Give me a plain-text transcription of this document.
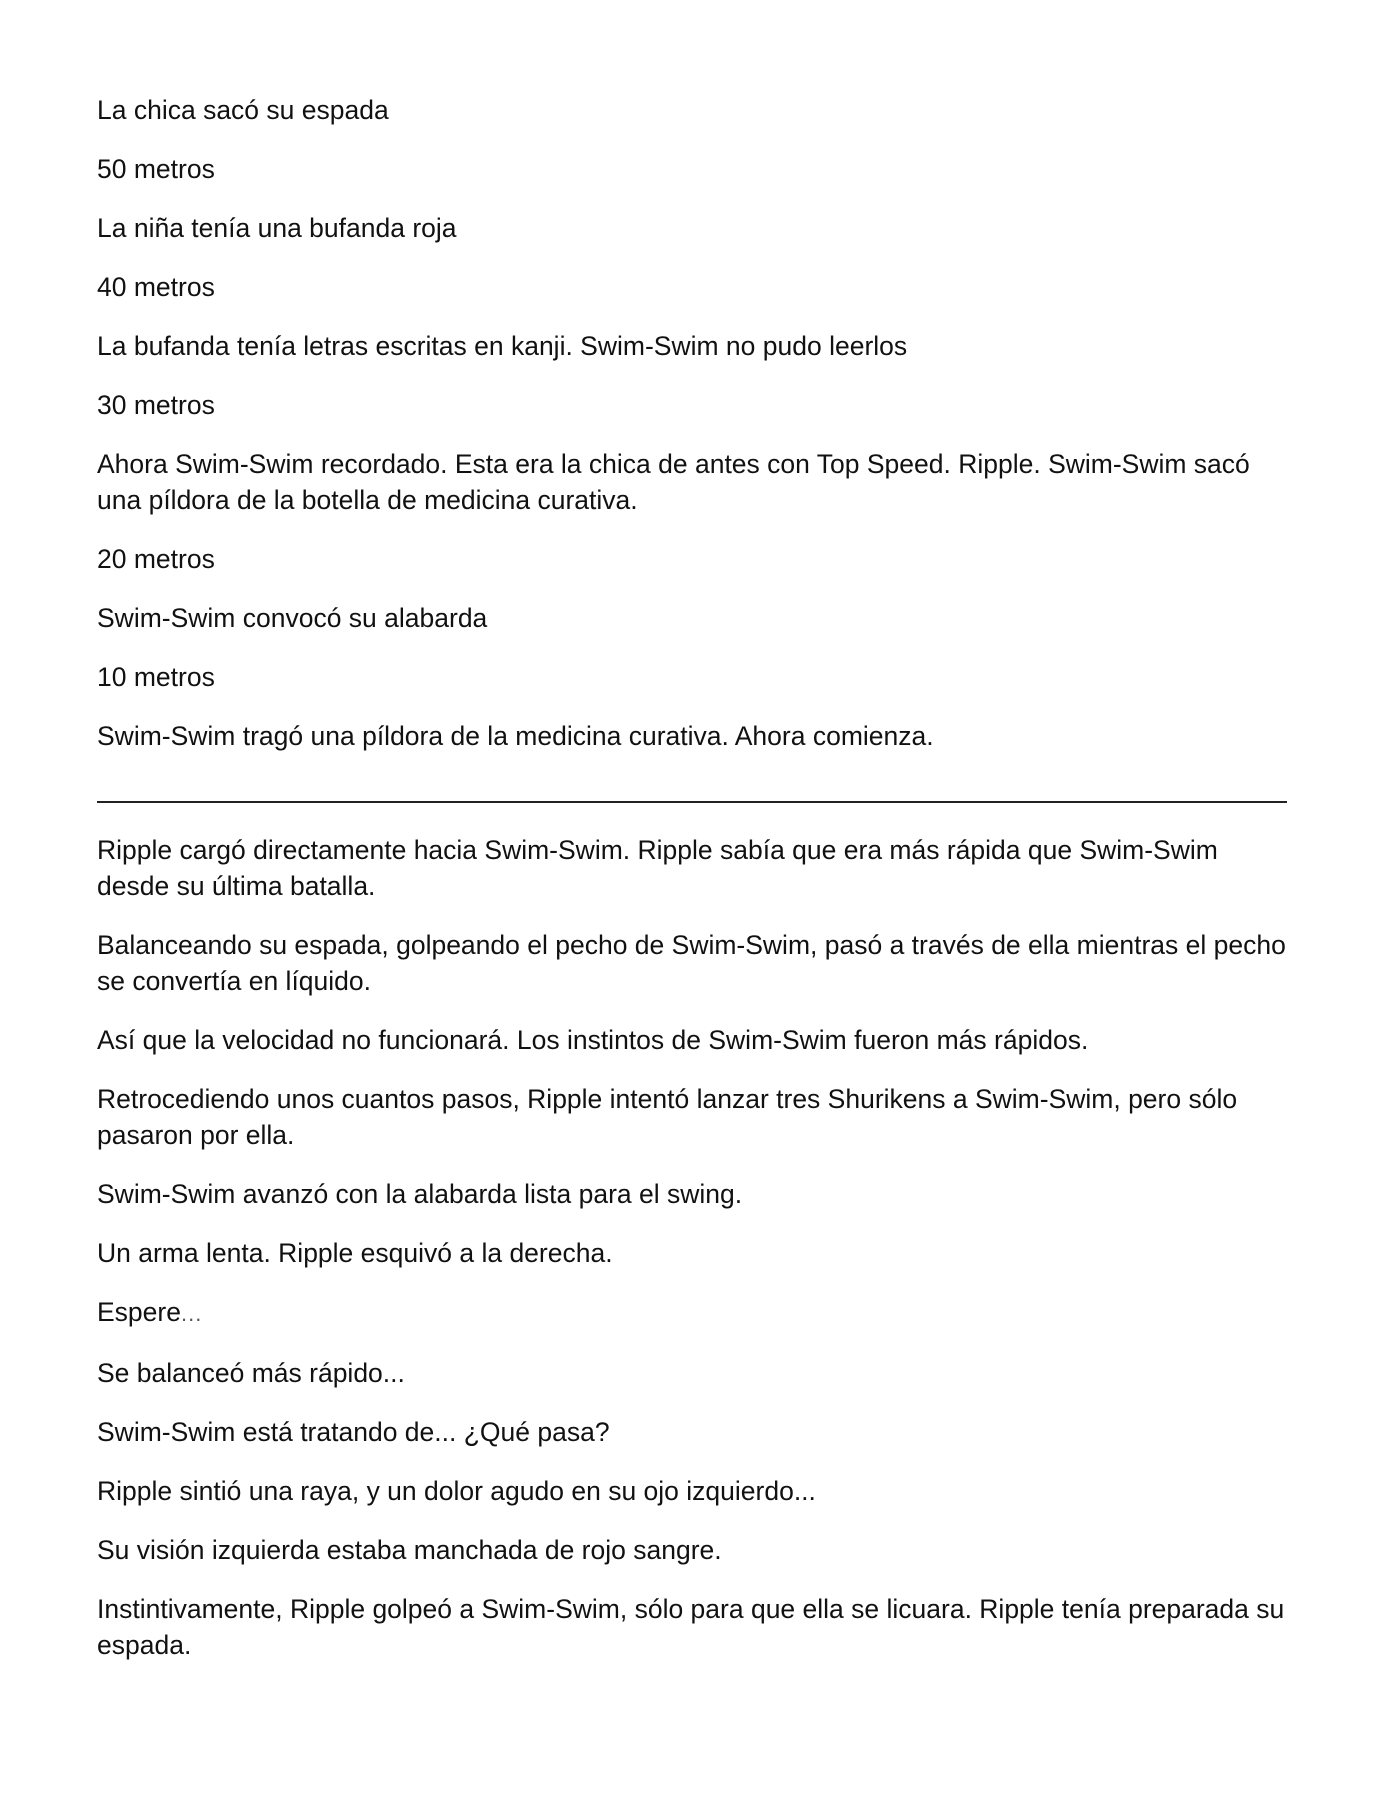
La chica sacó su espada

50 metros

La niña tenía una bufanda roja

40 metros

La bufanda tenía letras escritas en kanji. Swim-Swim no pudo leerlos

30 metros

Ahora Swim-Swim recordado. Esta era la chica de antes con Top Speed. Ripple. Swim-Swim sacó una píldora de la botella de medicina curativa.

20 metros

Swim-Swim convocó su alabarda

10 metros

Swim-Swim tragó una píldora de la medicina curativa. Ahora comienza.

Ripple cargó directamente hacia Swim-Swim. Ripple sabía que era más rápida que Swim-Swim desde su última batalla.

Balanceando su espada, golpeando el pecho de Swim-Swim, pasó a través de ella mientras el pecho se convertía en líquido.

Así que la velocidad no funcionará. Los instintos de Swim-Swim fueron más rápidos.

Retrocediendo unos cuantos pasos, Ripple intentó lanzar tres Shurikens a Swim-Swim, pero sólo pasaron por ella.

Swim-Swim avanzó con la alabarda lista para el swing.

Un arma lenta. Ripple esquivó a la derecha.

Espere...

Se balanceó más rápido...

Swim-Swim está tratando de... ¿Qué pasa?

Ripple sintió una raya, y un dolor agudo en su ojo izquierdo...

Su visión izquierda estaba manchada de rojo sangre.

Instintivamente, Ripple golpeó a Swim-Swim, sólo para que ella se licuara. Ripple tenía preparada su espada.
